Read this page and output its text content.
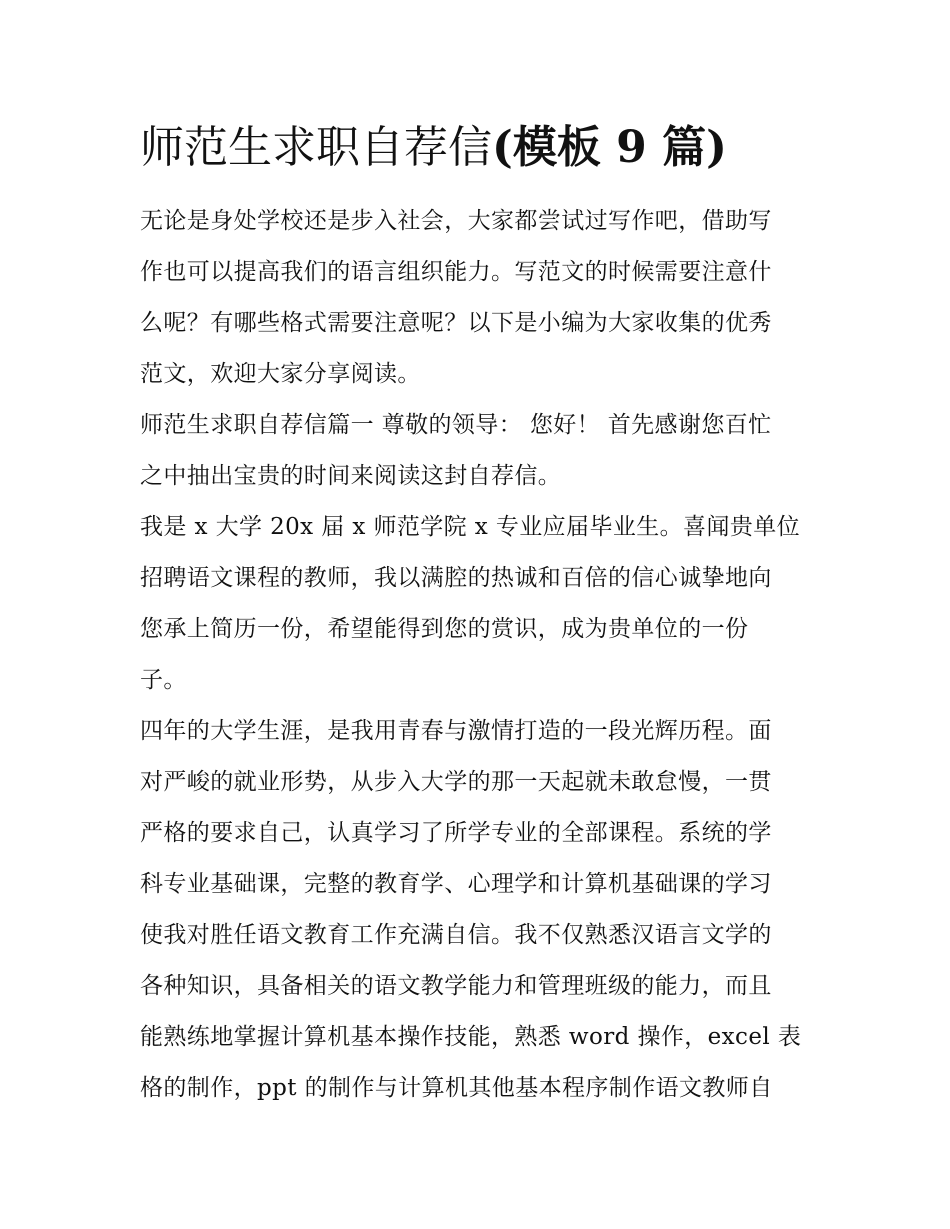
师范生求职自荐信(模板 9 篇)
无论是身处学校还是步入社会，大家都尝试过写作吧，借助写
作也可以提高我们的语言组织能力。写范文的时候需要注意什
么呢？有哪些格式需要注意呢？以下是小编为大家收集的优秀
范文，欢迎大家分享阅读。
师范生求职自荐信篇一 尊敬的领导： 您好！ 首先感谢您百忙
之中抽出宝贵的时间来阅读这封自荐信。
我是 x 大学 20x 届 x 师范学院 x 专业应届毕业生。喜闻贵单位
招聘语文课程的教师，我以满腔的热诚和百倍的信心诚挚地向
您承上简历一份，希望能得到您的赏识，成为贵单位的一份
子。
四年的大学生涯，是我用青春与激情打造的一段光辉历程。面
对严峻的就业形势，从步入大学的那一天起就未敢怠慢，一贯
严格的要求自己，认真学习了所学专业的全部课程。系统的学
科专业基础课，完整的教育学、心理学和计算机基础课的学习
使我对胜任语文教育工作充满自信。我不仅熟悉汉语言文学的
各种知识，具备相关的语文教学能力和管理班级的能力，而且
能熟练地掌握计算机基本操作技能，熟悉 word 操作，excel 表
格的制作，ppt 的制作与计算机其他基本程序制作语文教师自
